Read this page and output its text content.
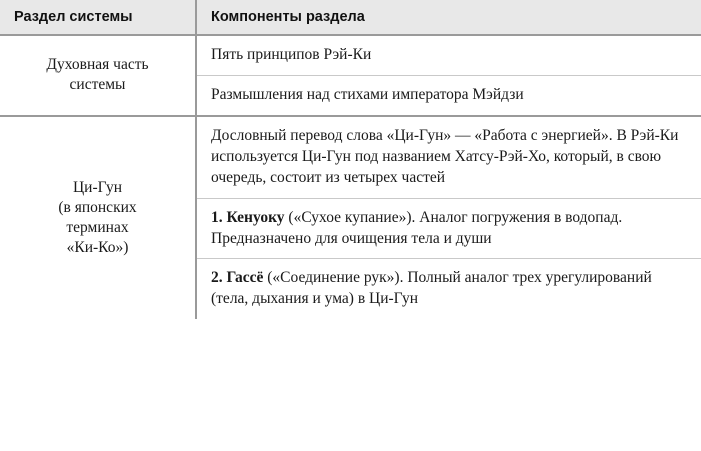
Раздел системы	Компоненты раздела

Духовная часть
системы	Пять принципов Рэй-Ки
	Размышления над стихами императора Мэйдзи

Ци-Гун
(в японских
терминах
«Ки-Ко»)	Дословный перевод слова «Ци-Гун» — «Работа с энергией». В Рэй-Ки используется Ци-Гун под названием Хатсу-Рэй-Хо, который, в свою очередь, состоит из четырех частей
	1. Кенуоку («Сухое купание»). Аналог погружения в водопад. Предназначено для очищения тела и души
	2. Гассё («Соединение рук»). Полный аналог трех урегулирований (тела, дыхания и ума) в Ци-Гун
